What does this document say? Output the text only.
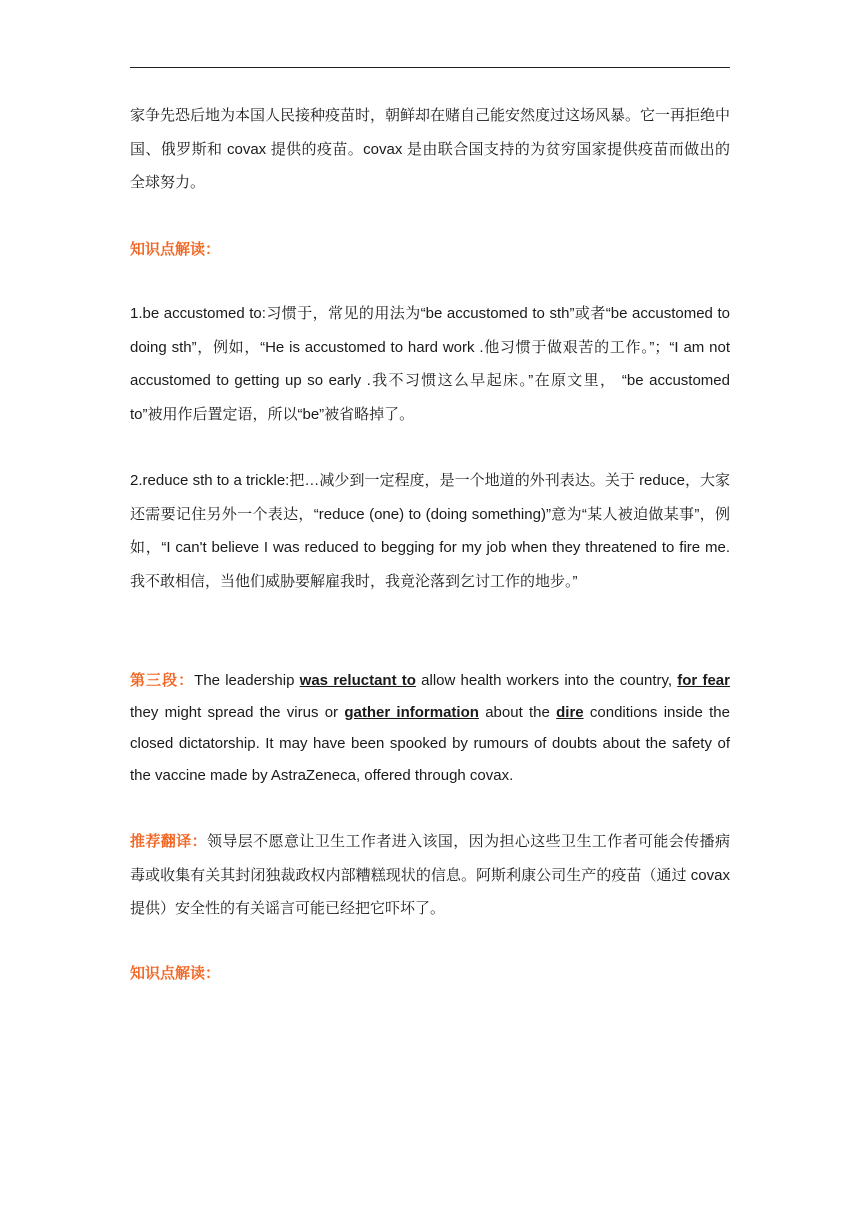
家争先恐后地为本国人民接种疫苗时，朝鲜却在赌自己能安然度过这场风暴。它一再拒绝中国、俄罗斯和 covax 提供的疫苗。covax 是由联合国支持的为贫穷国家提供疫苗而做出的全球努力。

知识点解读：

1.be accustomed to:习惯于，常见的用法为“be accustomed to sth”或者“be accustomed to doing sth”，例如，“He is accustomed to hard work .他习惯于做艰苦的工作。”；“I am not accustomed to getting up so early .我不习惯这么早起床。”在原文里， “be accustomed to”被用作后置定语，所以“be”被省略掉了。

2.reduce sth to a trickle:把…减少到一定程度，是一个地道的外刊表达。关于 reduce，大家还需要记住另外一个表达，“reduce (one) to (doing something)”意为“某人被迫做某事”，例如，“I can't believe I was reduced to begging for my job when they threatened to fire me. 我不敢相信，当他们威胁要解雇我时，我竟沦落到乞讨工作的地步。”

第三段：The leadership was reluctant to allow health workers into the country, for fear they might spread the virus or gather information about the dire conditions inside the closed dictatorship. It may have been spooked by rumours of doubts about the safety of the vaccine made by AstraZeneca, offered through covax.

推荐翻译：领导层不愿意让卫生工作者进入该国，因为担心这些卫生工作者可能会传播病毒或收集有关其封闭独裁政权内部糟糕现状的信息。阿斯利康公司生产的疫苗（通过 covax 提供）安全性的有关谣言可能已经把它吓坏了。

知识点解读：
